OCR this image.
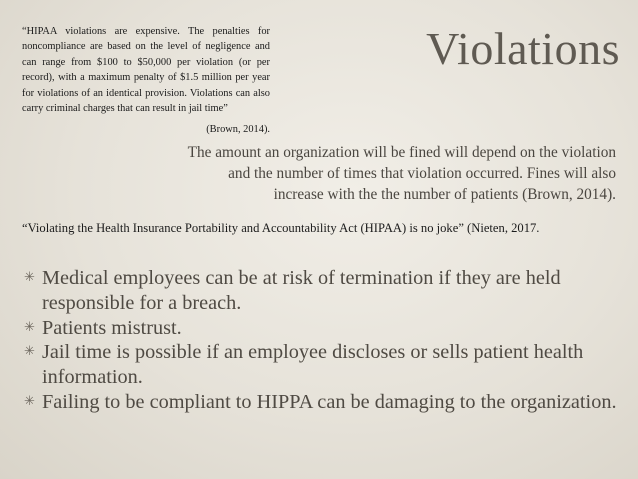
“HIPAA violations are expensive. The penalties for noncompliance are based on the level of negligence and can range from $100 to $50,000 per violation (or per record), with a maximum penalty of $1.5 million per year for violations of an identical provision. Violations can also carry criminal charges that can result in jail time”
(Brown, 2014).
Violations
The amount an organization will be fined will depend on the violation and the number of times that violation occurred. Fines will also increase with the the number of patients (Brown, 2014).
“Violating the Health Insurance Portability and Accountability Act (HIPAA) is no joke” (Nieten, 2017.
✳ Medical employees can be at risk of termination if they are held responsible for a breach.
✳ Patients mistrust.
✳ Jail time is possible if an employee discloses or sells patient health information.
✳ Failing to be compliant to HIPPA can be damaging to the organization.
